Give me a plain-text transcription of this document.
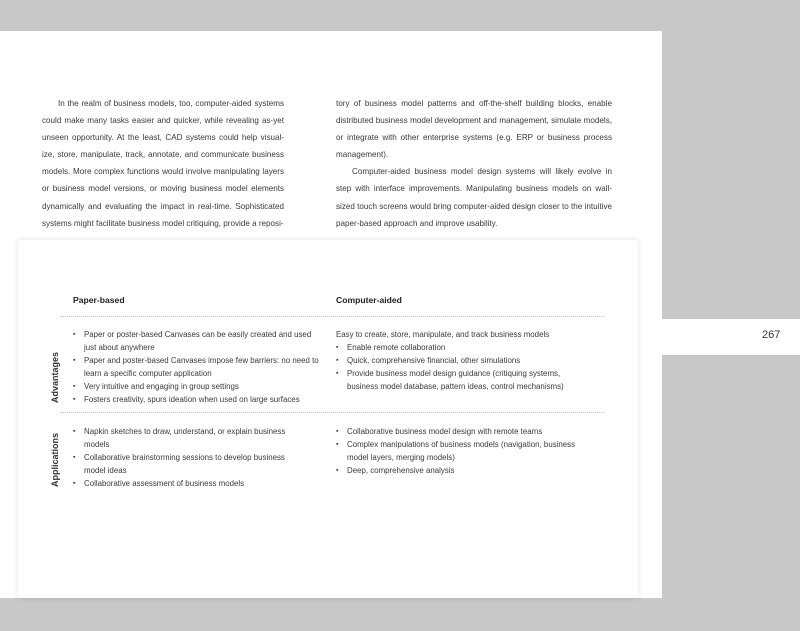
267

In the realm of business models, too, computer-aided systems could make many tasks easier and quicker, while revealing as-yet unseen opportunity. At the least, CAD systems could help visual-ize, store, manipulate, track, annotate, and communicate business models. More complex functions would involve manipulating layers or business model versions, or moving business model elements dynamically and evaluating the impact in real-time. Sophisticated systems might facilitate business model critiquing, provide a reposi-

tory of business model patterns and off-the-shelf building blocks, enable distributed business model development and management, simulate models, or integrate with other enterprise systems (e.g. ERP or business process management).

Computer-aided business model design systems will likely evolve in step with interface improvements. Manipulating business models on wall-sized touch screens would bring computer-aided design closer to the intuitive paper-based approach and improve usability.

Paper-based	Computer-aided
Advantages
Applications
▪ Paper or poster-based Canvases can be easily created and used just about anywhere
▪ Paper and poster-based Canvases impose few barriers: no need to learn a specific computer application
▪ Very intuitive and engaging in group settings
▪ Fosters creativity, spurs ideation when used on large surfaces

Easy to create, store, manipulate, and track business models

▪ Enable remote collaboration
▪ Quick, comprehensive financial, other simulations
▪ Provide business model design guidance (critiquing systems, business model database, pattern ideas, control mechanisms)
▪ Napkin sketches to draw, understand, or explain business models
▪ Collaborative brainstorming sessions to develop business model ideas
▪ Collaborative assessment of business models
▪ Collaborative business model design with remote teams
▪ Complex manipulations of business models (navigation, business model layers, merging models)
▪ Deep, comprehensive analysis
